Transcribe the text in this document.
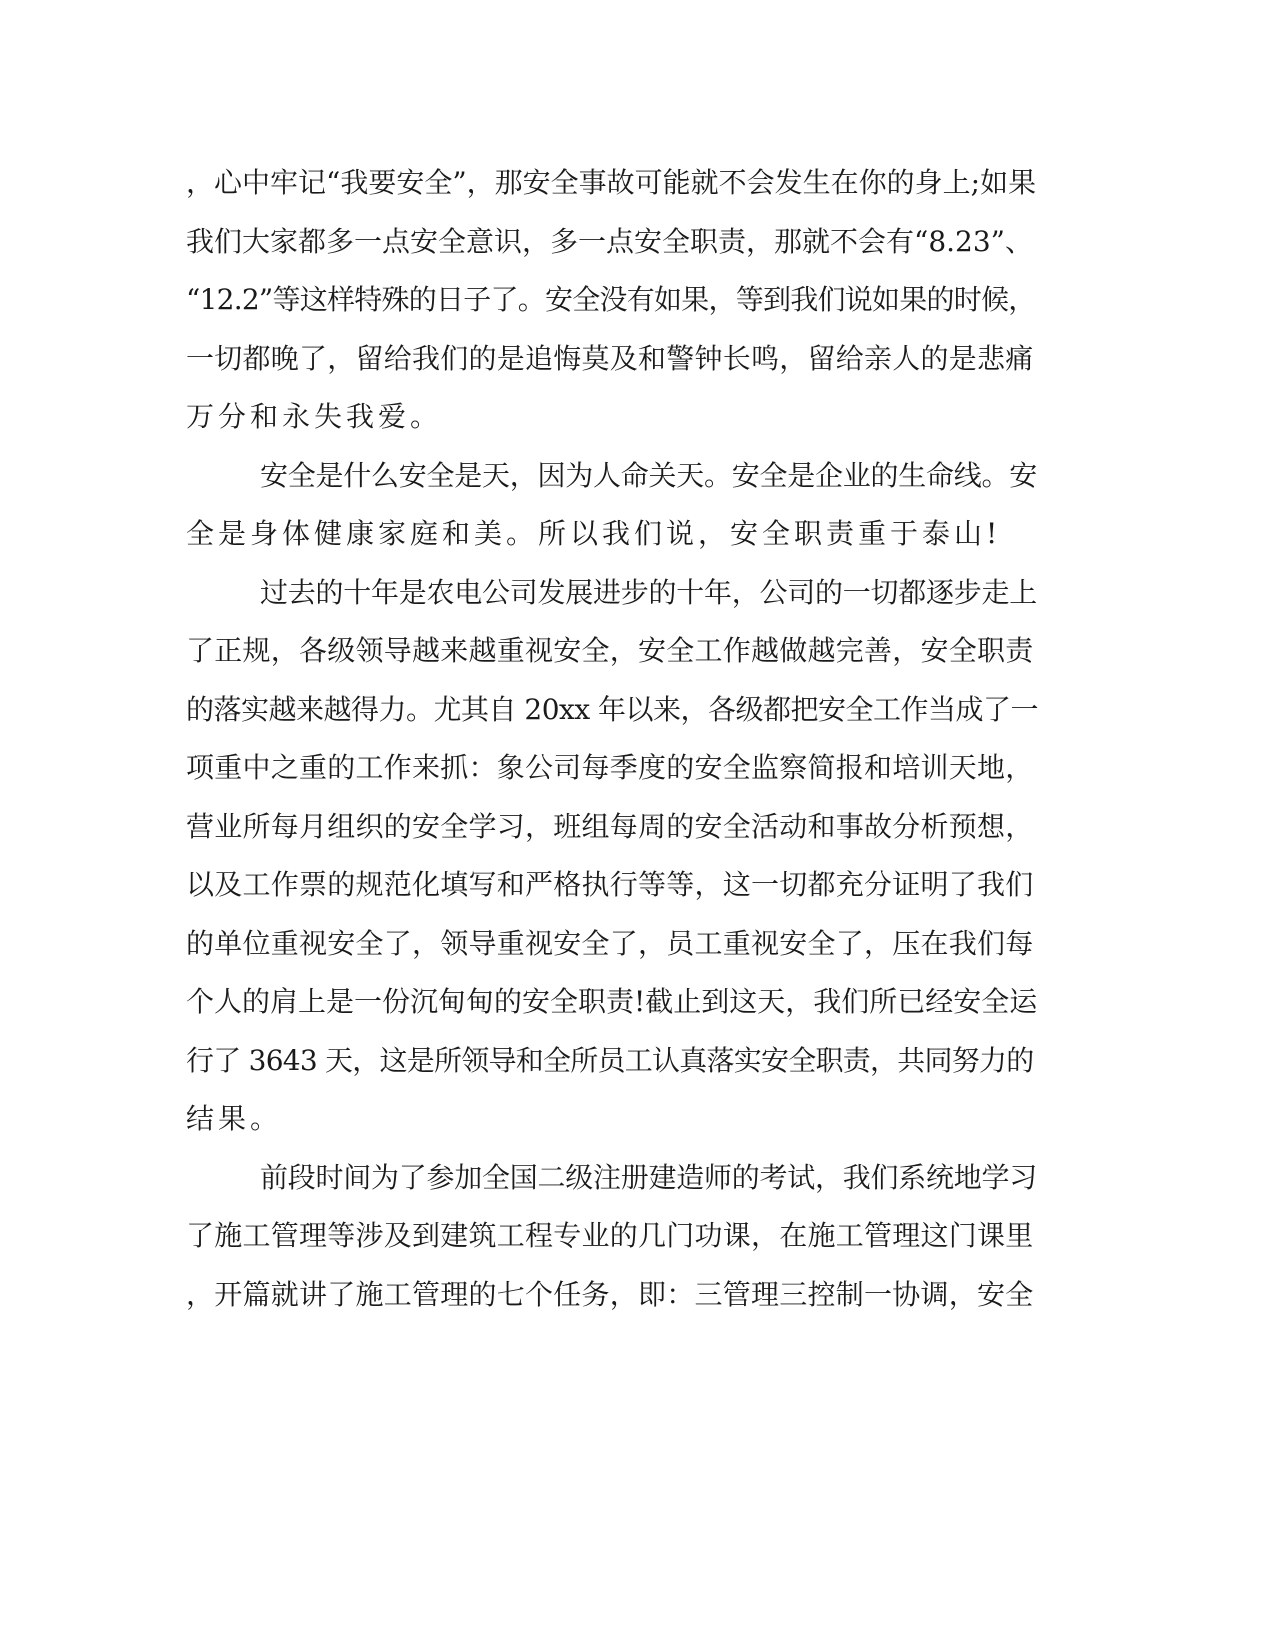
，心中牢记“我要安全”，那安全事故可能就不会发生在你的身上;如果

我们大家都多一点安全意识，多一点安全职责，那就不会有“8.23”、

“12.2”等这样特殊的日子了。安全没有如果，等到我们说如果的时候，

一切都晚了，留给我们的是追悔莫及和警钟长鸣，留给亲人的是悲痛

万分和永失我爱。

安全是什么安全是天，因为人命关天。安全是企业的生命线。安

全是身体健康家庭和美。所以我们说，安全职责重于泰山!

过去的十年是农电公司发展进步的十年，公司的一切都逐步走上

了正规，各级领导越来越重视安全，安全工作越做越完善，安全职责

的落实越来越得力。尤其自 20xx 年以来，各级都把安全工作当成了一

项重中之重的工作来抓：象公司每季度的安全监察简报和培训天地，

营业所每月组织的安全学习，班组每周的安全活动和事故分析预想，

以及工作票的规范化填写和严格执行等等，这一切都充分证明了我们

的单位重视安全了，领导重视安全了，员工重视安全了，压在我们每

个人的肩上是一份沉甸甸的安全职责!截止到这天，我们所已经安全运

行了 3643 天，这是所领导和全所员工认真落实安全职责，共同努力的

结果。

前段时间为了参加全国二级注册建造师的考试，我们系统地学习

了施工管理等涉及到建筑工程专业的几门功课，在施工管理这门课里

，开篇就讲了施工管理的七个任务，即：三管理三控制一协调，安全
